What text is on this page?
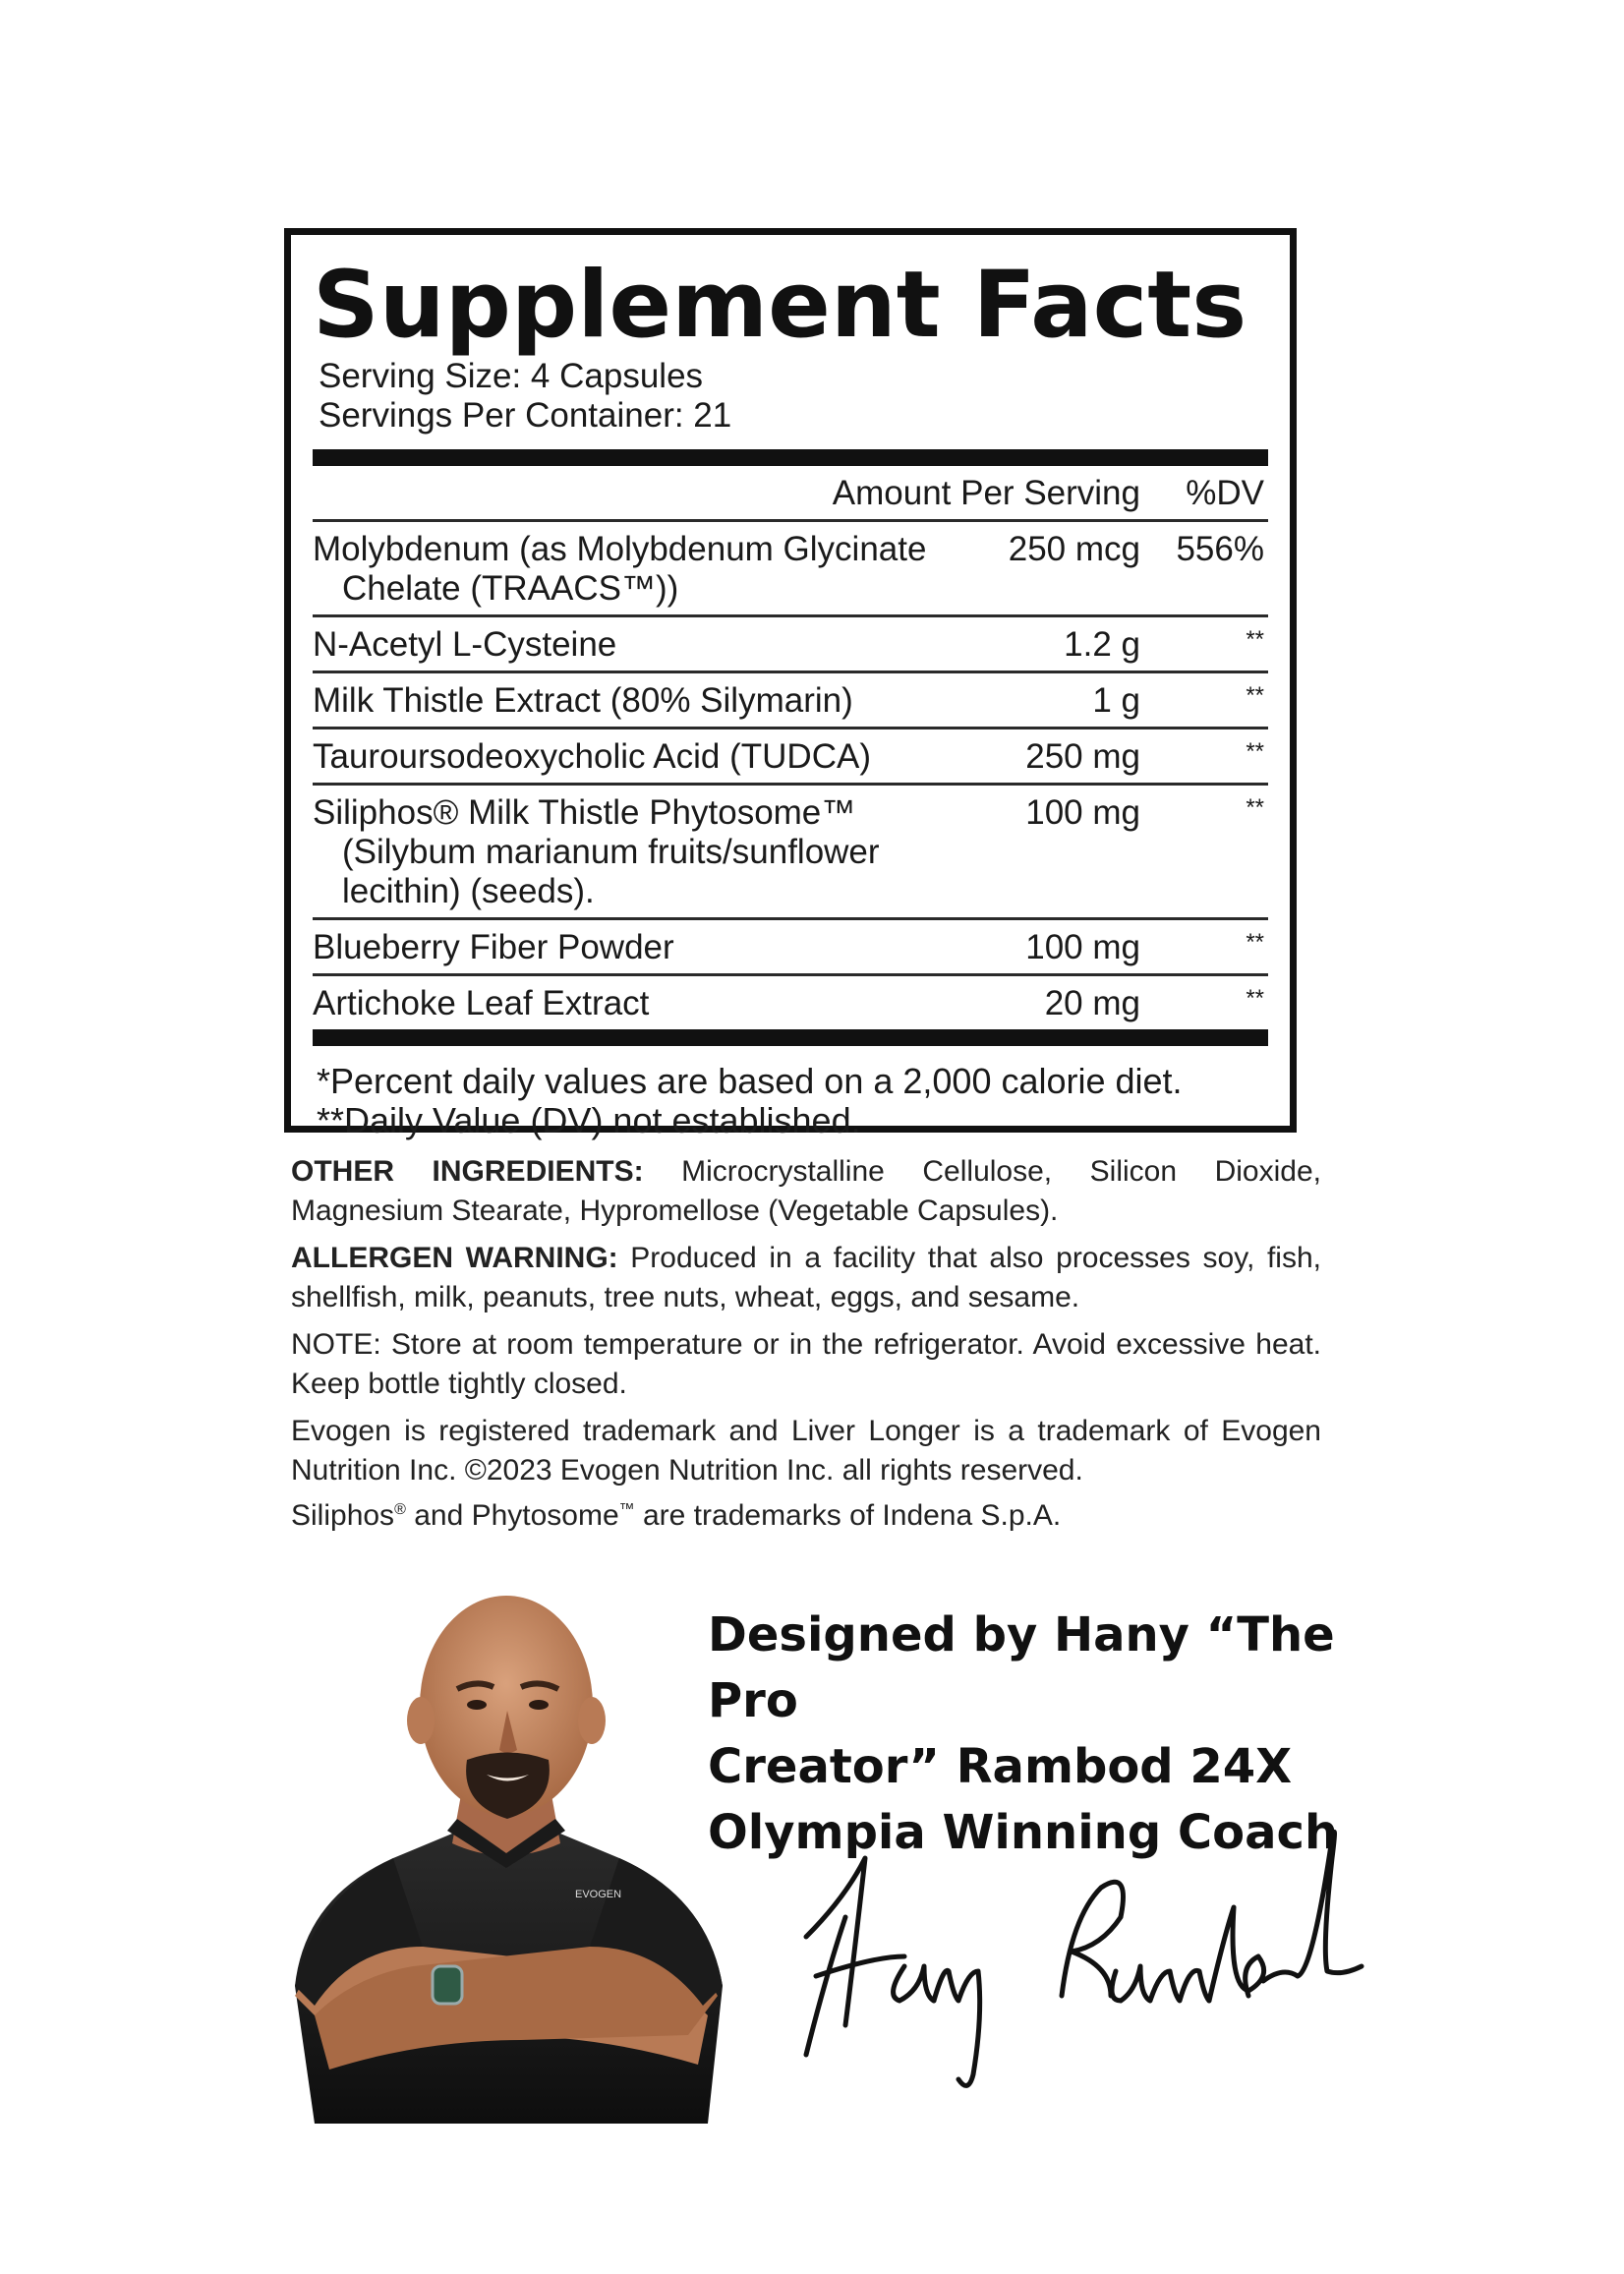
Supplement Facts
Serving Size: 4 Capsules
Servings Per Container: 21
Amount Per Serving	%DV
Molybdenum (as Molybdenum Glycinate
Chelate (TRAACS™))
250 mcg	556%
N-Acetyl L-Cysteine	1.2 g	**
Milk Thistle Extract (80% Silymarin)	1 g	**
Tauroursodeoxycholic Acid (TUDCA)	250 mg	**
Siliphos® Milk Thistle Phytosome™
(Silybum marianum fruits/sunflower
lecithin) (seeds).
100 mg	**
Blueberry Fiber Powder	100 mg	**
Artichoke Leaf Extract	20 mg	**
*Percent daily values are based on a 2,000 calorie diet.
**Daily Value (DV) not established.

OTHER INGREDIENTS: Microcrystalline Cellulose, Silicon Dioxide, Magnesium Stearate, Hypromellose (Vegetable Capsules).

ALLERGEN WARNING: Produced in a facility that also processes soy, fish, shellfish, milk, peanuts, tree nuts, wheat, eggs, and sesame.

NOTE: Store at room temperature or in the refrigerator. Avoid excessive heat. Keep bottle tightly closed.

Evogen is registered trademark and Liver Longer is a trademark of Evogen Nutrition Inc. ©2023 Evogen Nutrition Inc. all rights reserved.

Siliphos® and Phytosome™ are trademarks of Indena S.p.A.

EVOGEN
Designed by Hany “The Pro
Creator” Rambod 24X
Olympia Winning Coach
